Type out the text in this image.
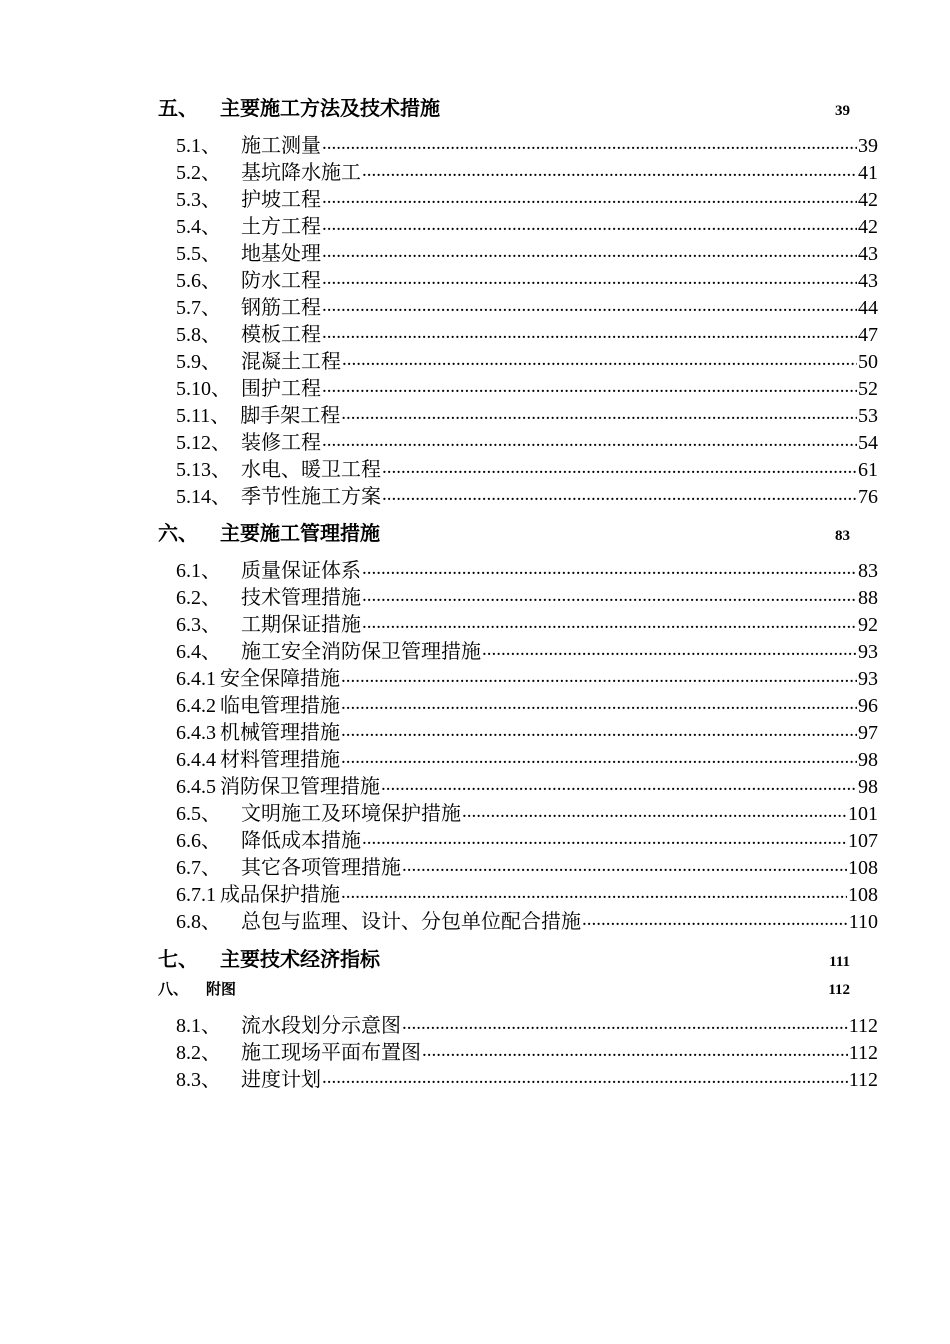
五、 主要施工方法及技术措施	39
5.1、 施工测量 .....	39
5.2、 基坑降水施工 .....	41
5.3、 护坡工程 .....	42
5.4、 土方工程 .....	42
5.5、 地基处理 .....	43
5.6、 防水工程 .....	43
5.7、 钢筋工程 .....	44
5.8、 模板工程 .....	47
5.9、 混凝土工程 .....	50
5.10、 围护工程 .....	52
5.11、 脚手架工程 .....	53
5.12、 装修工程 .....	54
5.13、 水电、暖卫工程 .....	61
5.14、 季节性施工方案 .....	76
六、 主要施工管理措施	83
6.1、 质量保证体系 .....	83
6.2、 技术管理措施 .....	88
6.3、 工期保证措施 .....	92
6.4、 施工安全消防保卫管理措施 .....	93
6.4.1 安全保障措施 .....	93
6.4.2 临电管理措施 .....	96
6.4.3 机械管理措施 .....	97
6.4.4 材料管理措施 .....	98
6.4.5 消防保卫管理措施 .....	98
6.5、 文明施工及环境保护措施 .....	101
6.6、 降低成本措施 .....	107
6.7、 其它各项管理措施 .....	108
6.7.1 成品保护措施 .....	108
6.8、 总包与监理、设计、分包单位配合措施 .....	110
七、 主要技术经济指标	111
八、 附图	112
8.1、 流水段划分示意图 .....	112
8.2、 施工现场平面布置图 .....	112
8.3、 进度计划 .....	112
